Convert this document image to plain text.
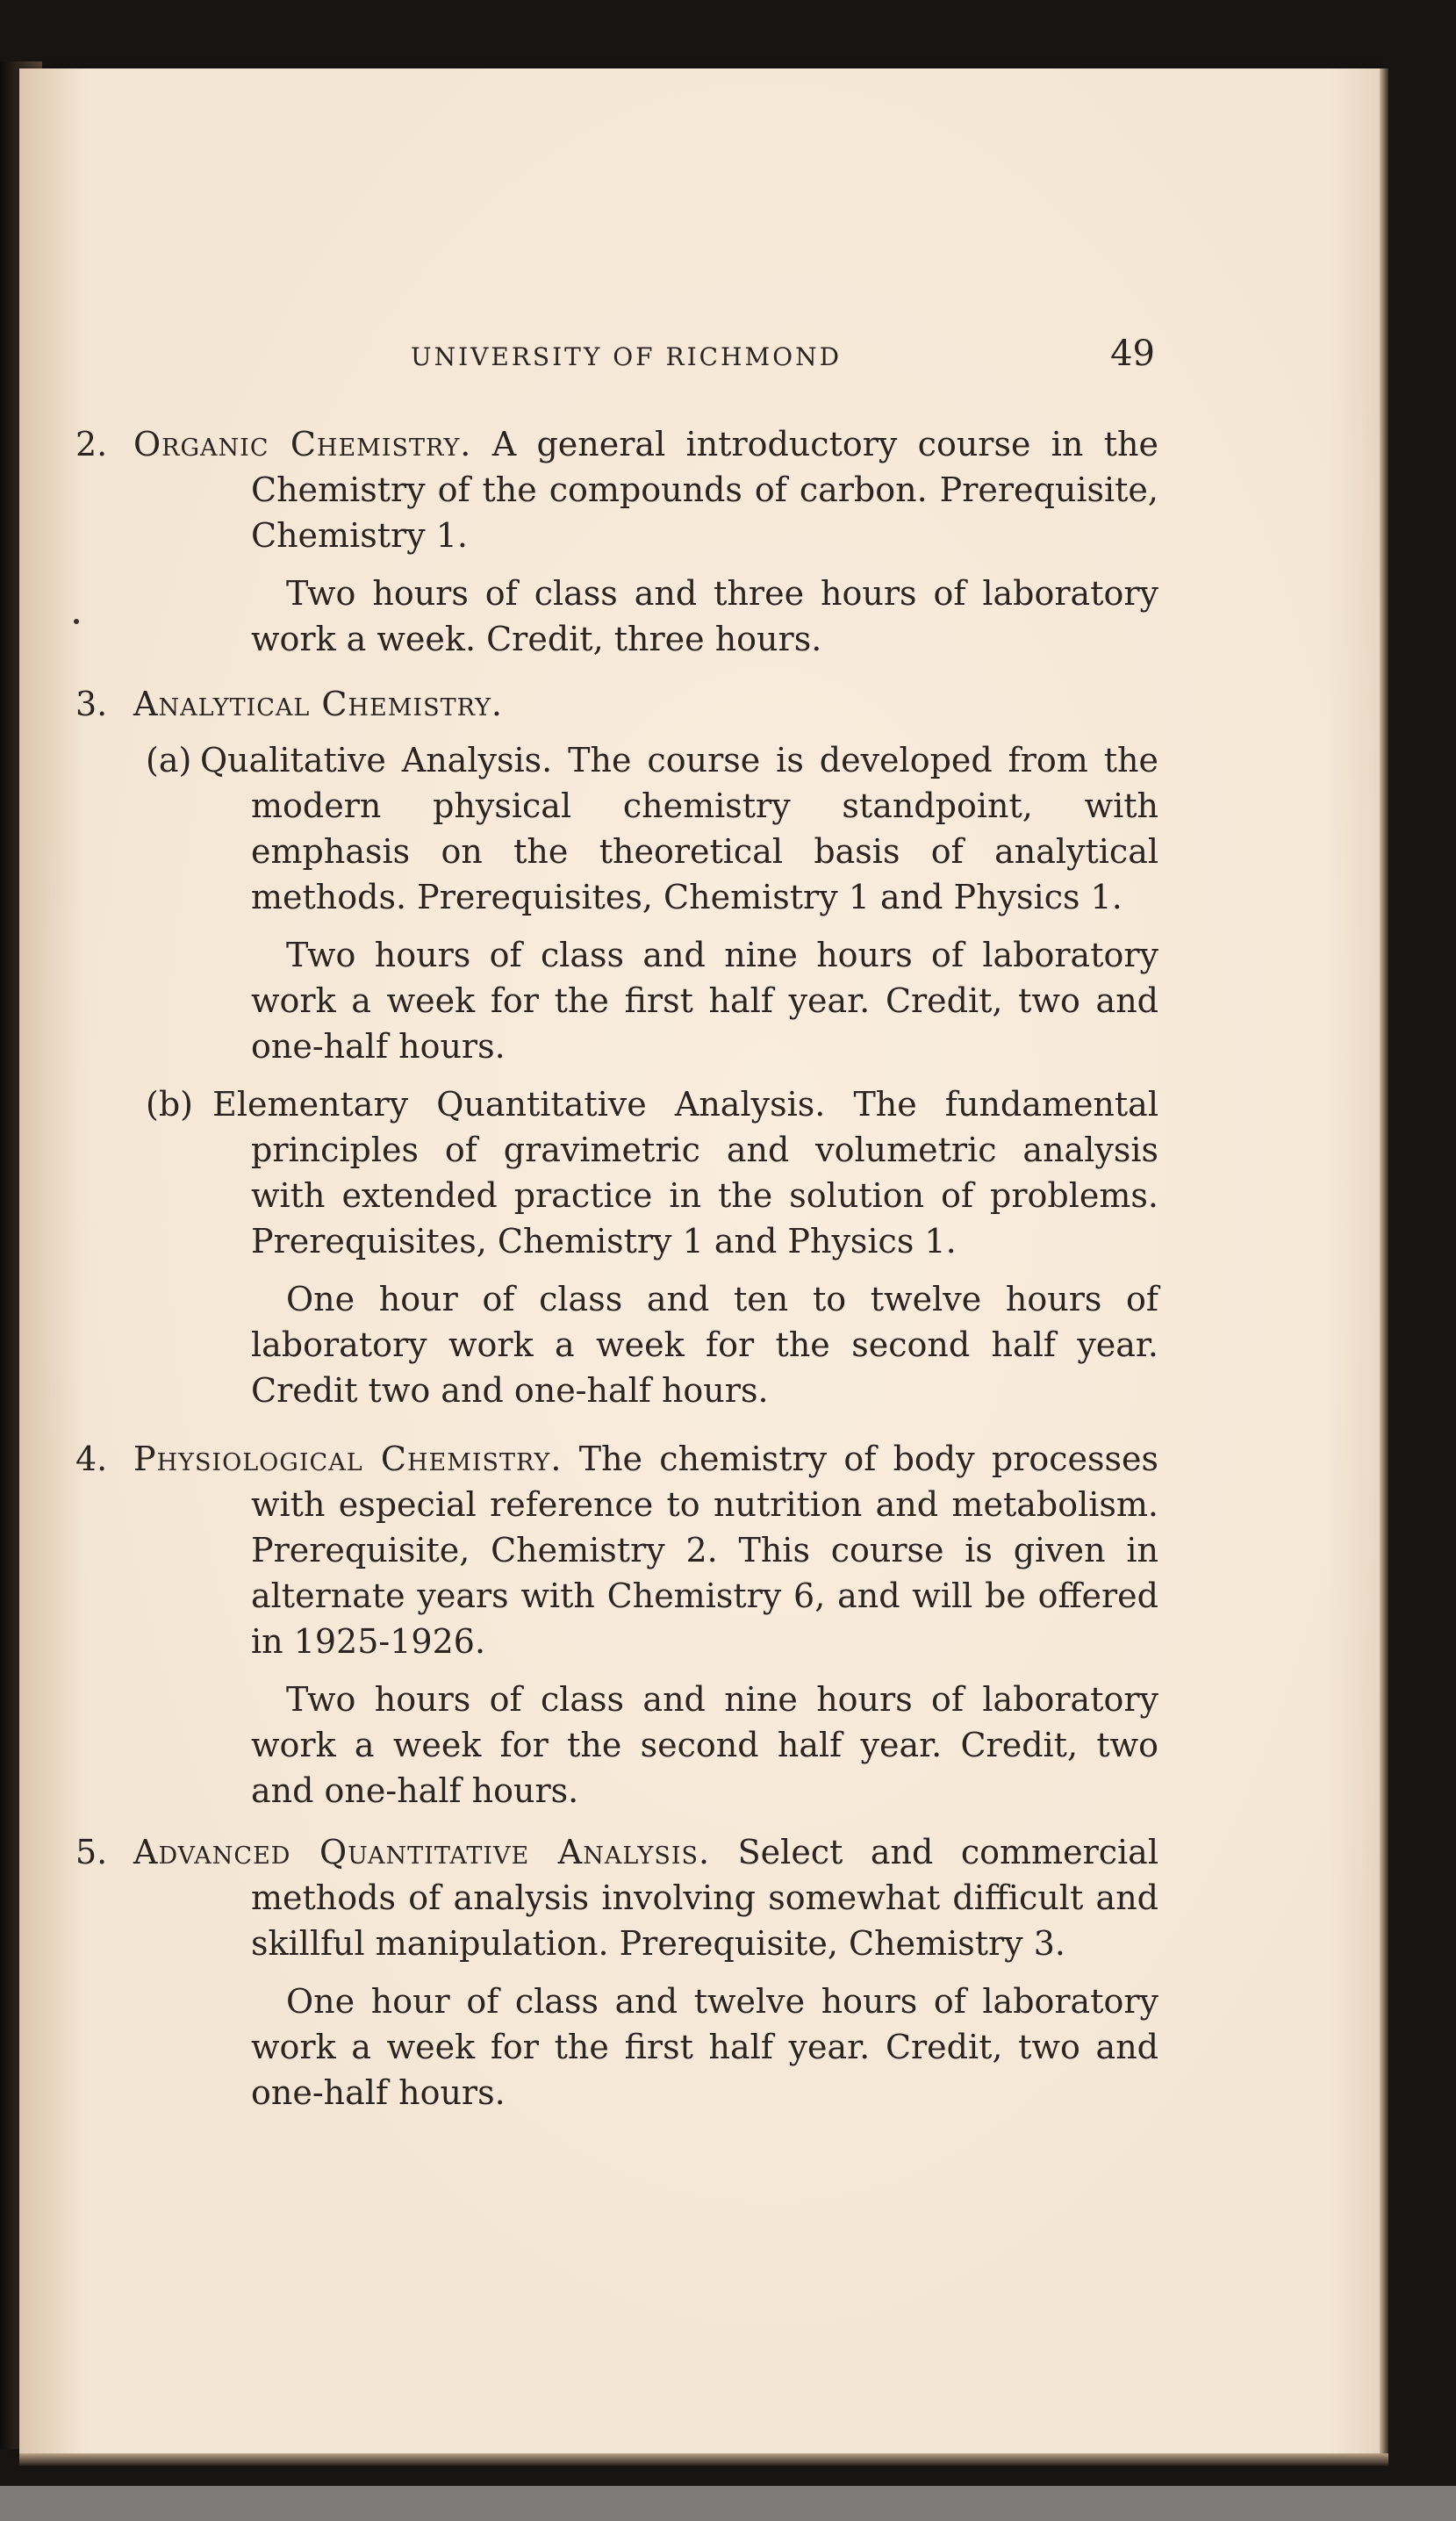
UNIVERSITY OF RICHMOND	49

2. Organic Chemistry. A general introductory course in the Chemistry of the compounds of carbon. Prerequisite, Chemistry 1.

Two hours of class and three hours of laboratory work a week. Credit, three hours.

3. Analytical Chemistry.

(a) Qualitative Analysis. The course is developed from the modern physical chemistry standpoint, with emphasis on the theoretical basis of analytical methods. Prerequisites, Chemistry 1 and Physics 1.

Two hours of class and nine hours of laboratory work a week for the first half year. Credit, two and one-half hours.

(b) Elementary Quantitative Analysis. The fundamental principles of gravimetric and volumetric analysis with extended practice in the solution of problems. Prerequisites, Chemistry 1 and Physics 1.

One hour of class and ten to twelve hours of laboratory work a week for the second half year. Credit two and one-half hours.

4. Physiological Chemistry. The chemistry of body processes with especial reference to nutrition and metabolism. Prerequisite, Chemistry 2. This course is given in alternate years with Chemistry 6, and will be offered in 1925-1926.

Two hours of class and nine hours of laboratory work a week for the second half year. Credit, two and one-half hours.

5. Advanced Quantitative Analysis. Select and commercial methods of analysis involving somewhat difficult and skillful manipulation. Prerequisite, Chemistry 3.

One hour of class and twelve hours of laboratory work a week for the first half year. Credit, two and one-half hours.
